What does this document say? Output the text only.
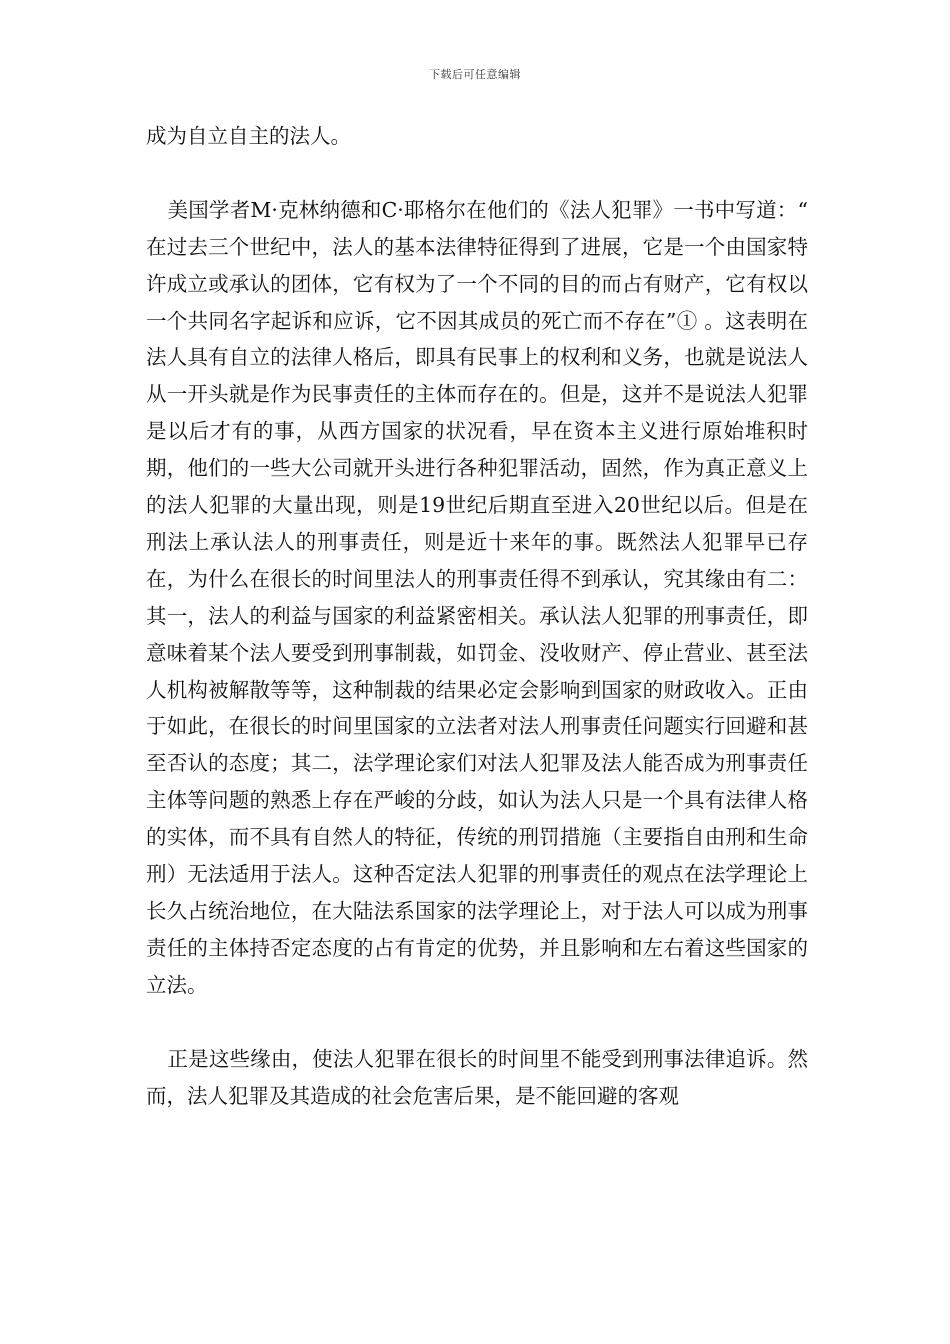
下载后可任意编辑

成为自立自主的法人。

美国学者M·克林纳德和C·耶格尔在他们的《法人犯罪》一书中写道：“ 在过去三个世纪中，法人的基本法律特征得到了进展，它是一个由国家特许成立或承认的团体，它有权为了一个不同的目的而占有财产，它有权以一个共同名字起诉和应诉，它不因其成员的死亡而不存在”① 。这表明在法人具有自立的法律人格后，即具有民事上的权利和义务，也就是说法人从一开头就是作为民事责任的主体而存在的。但是，这并不是说法人犯罪是以后才有的事，从西方国家的状况看，早在资本主义进行原始堆积时期，他们的一些大公司就开头进行各种犯罪活动，固然，作为真正意义上的法人犯罪的大量出现，则是19世纪后期直至进入20世纪以后。但是在刑法上承认法人的刑事责任，则是近十来年的事。既然法人犯罪早已存在，为什么在很长的时间里法人的刑事责任得不到承认，究其缘由有二：其一，法人的利益与国家的利益紧密相关。承认法人犯罪的刑事责任，即意味着某个法人要受到刑事制裁，如罚金、没收财产、停止营业、甚至法人机构被解散等等，这种制裁的结果必定会影响到国家的财政收入。正由于如此，在很长的时间里国家的立法者对法人刑事责任问题实行回避和甚至否认的态度；其二，法学理论家们对法人犯罪及法人能否成为刑事责任主体等问题的熟悉上存在严峻的分歧，如认为法人只是一个具有法律人格的实体，而不具有自然人的特征，传统的刑罚措施（主要指自由刑和生命刑）无法适用于法人。这种否定法人犯罪的刑事责任的观点在法学理论上长久占统治地位，在大陆法系国家的法学理论上，对于法人可以成为刑事责任的主体持否定态度的占有肯定的优势，并且影响和左右着这些国家的立法。

正是这些缘由，使法人犯罪在很长的时间里不能受到刑事法律追诉。然而，法人犯罪及其造成的社会危害后果，是不能回避的客观
